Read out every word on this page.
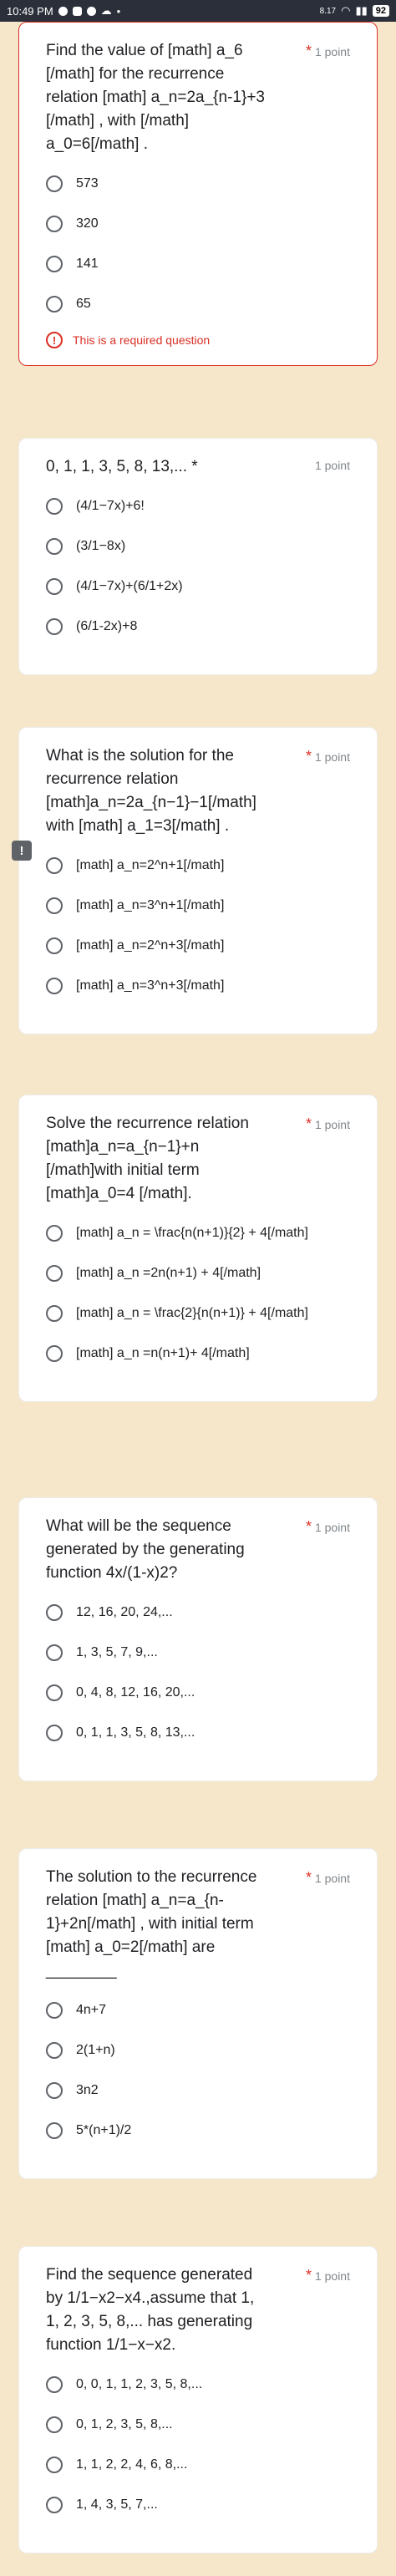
10:49 PM	☁ •	8.17 ◠ ▮▮ 92
Find the value of [math] a_6 [/math] for the recurrence relation [math] a_n=2a_{n-1}+3 [/math] , with [/math] a_0=6[/math] .
* 1 point
573
320
141
65
!	This is a required question
0, 1, 1, 3, 5, 8, 13,... *	1 point
(4/1−7x)+6!
(3/1−8x)
(4/1−7x)+(6/1+2x)
(6/1-2x)+8
What is the solution for the recurrence relation [math]a_n=2a_{n−1}−1[/math] with [math] a_1=3[/math] .
* 1 point
[math] a_n=2^n+1[/math]
[math] a_n=3^n+1[/math]
[math] a_n=2^n+3[/math]
[math] a_n=3^n+3[/math]
!
Solve the recurrence relation [math]a_n=a_{n−1}+n [/math]with initial term [math]a_0=4 [/math].
* 1 point
[math] a_n = \frac{n(n+1)}{2} + 4[/math]
[math] a_n =2n(n+1) + 4[/math]
[math] a_n = \frac{2}{n(n+1)} + 4[/math]
[math] a_n =n(n+1)+ 4[/math]
What will be the sequence generated by the generating function 4x/(1-x)2?
* 1 point
12, 16, 20, 24,...
1, 3, 5, 7, 9,...
0, 4, 8, 12, 16, 20,...
0, 1, 1, 3, 5, 8, 13,...
The solution to the recurrence relation [math] a_n=a_{n-1}+2n[/math] , with initial term [math] a_0=2[/math] are ________
* 1 point
4n+7
2(1+n)
3n2
5*(n+1)/2
Find the sequence generated by 1/1−x2−x4.,assume that 1, 1, 2, 3, 5, 8,... has generating function 1/1−x−x2.
* 1 point
0, 0, 1, 1, 2, 3, 5, 8,...
0, 1, 2, 3, 5, 8,...
1, 1, 2, 2, 4, 6, 8,...
1, 4, 3, 5, 7,...
